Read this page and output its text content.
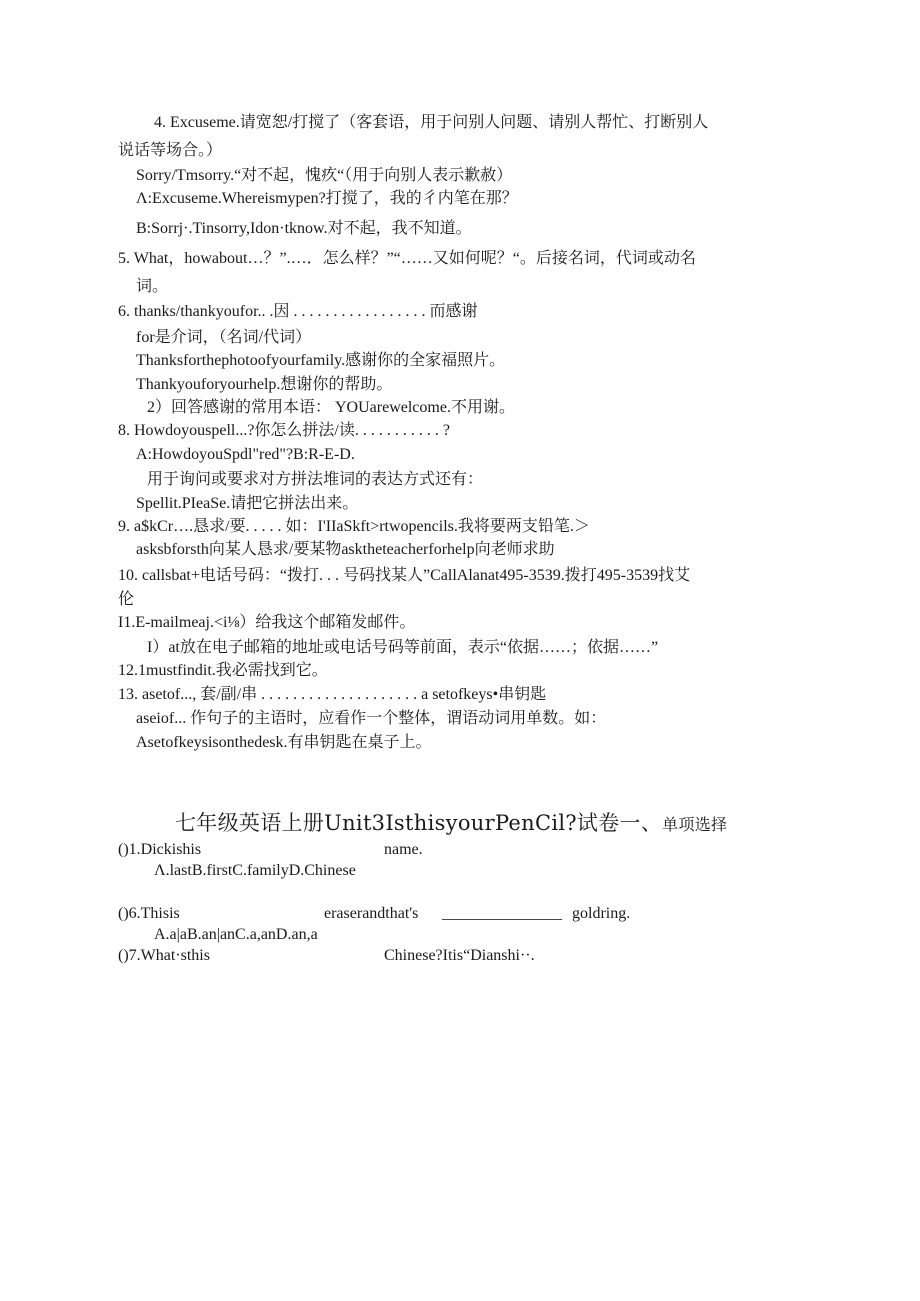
4. Excuseme.请宽恕/打搅了（客套语，用于问别人问题、请别人帮忙、打断别人
说话等场合。）
Sorry/Tmsorry.“对不起，愧疚“（用于向别人表示歉赦）
Λ:Excuseme.Whereismypen?打搅了，我的彳内笔在那？
B:Sorrj·.Tinsorry,Idon·tknow.对不起，我不知道。
5. What，howabout…？”.…．怎么样？”“……又如何呢？“。后接名词，代词或动名
词。
6. thanks/thankyoufor.. .因 . . . . . . . . . . . . . . . . . 而感谢
for是介词，（名词/代词）
Thanksforthephotoofyourfamily.感谢你的全家福照片。
Thankyouforyourhelp.想谢你的帮助。
2）回答感谢的常用本语： YOUarewelcome.不用谢。
8. Howdoyouspell...?你怎么拼法/读. . . . . . . . . . . ?
A:HowdoyouSpdl"red"?B:R-E-D.
用于询问或要求对方拼法堆词的表达方式还有：
Spellit.PIeaSe.请把它拼法出来。
9. a$kCr….恳求/要. . . . . 如：I'IIaSkft>rtwopencils.我将要两支铅笔.＞
asksbforsth向某人恳求/要某物asktheteacherforhelp向老师求助
10. callsbat+电话号码：“拨打. . . 号码找某人”CallAlanat495-3539.拨打495-3539找艾
伦
I1.E-mailmeaj.<i⅛）给我这个邮箱发邮件。
I）at放在电子邮箱的地址或电话号码等前面，表示“依据……；依据……”
12.1mustfindit.我必需找到它。
13. asetof..., 套/副/串 . . . . . . . . . . . . . . . . . . . . a setofkeys•串钥匙
aseiof... 作句子的主语时，应看作一个整体，谓语动词用单数。如：
Asetofkeysisonthedesk.有串钥匙在桌子上。
七年级英语上册Unit3IsthisyourPenCil?试卷一、单项选择
()1.Dickishis	name.
Λ.lastB.firstC.familyD.Chinese
()6.Thisis	eraserandthat's _______________ goldring.
A.a|aB.an|anC.a,anD.an,a
()7.What·sthis	Chinese?Itis“Dianshi··.
